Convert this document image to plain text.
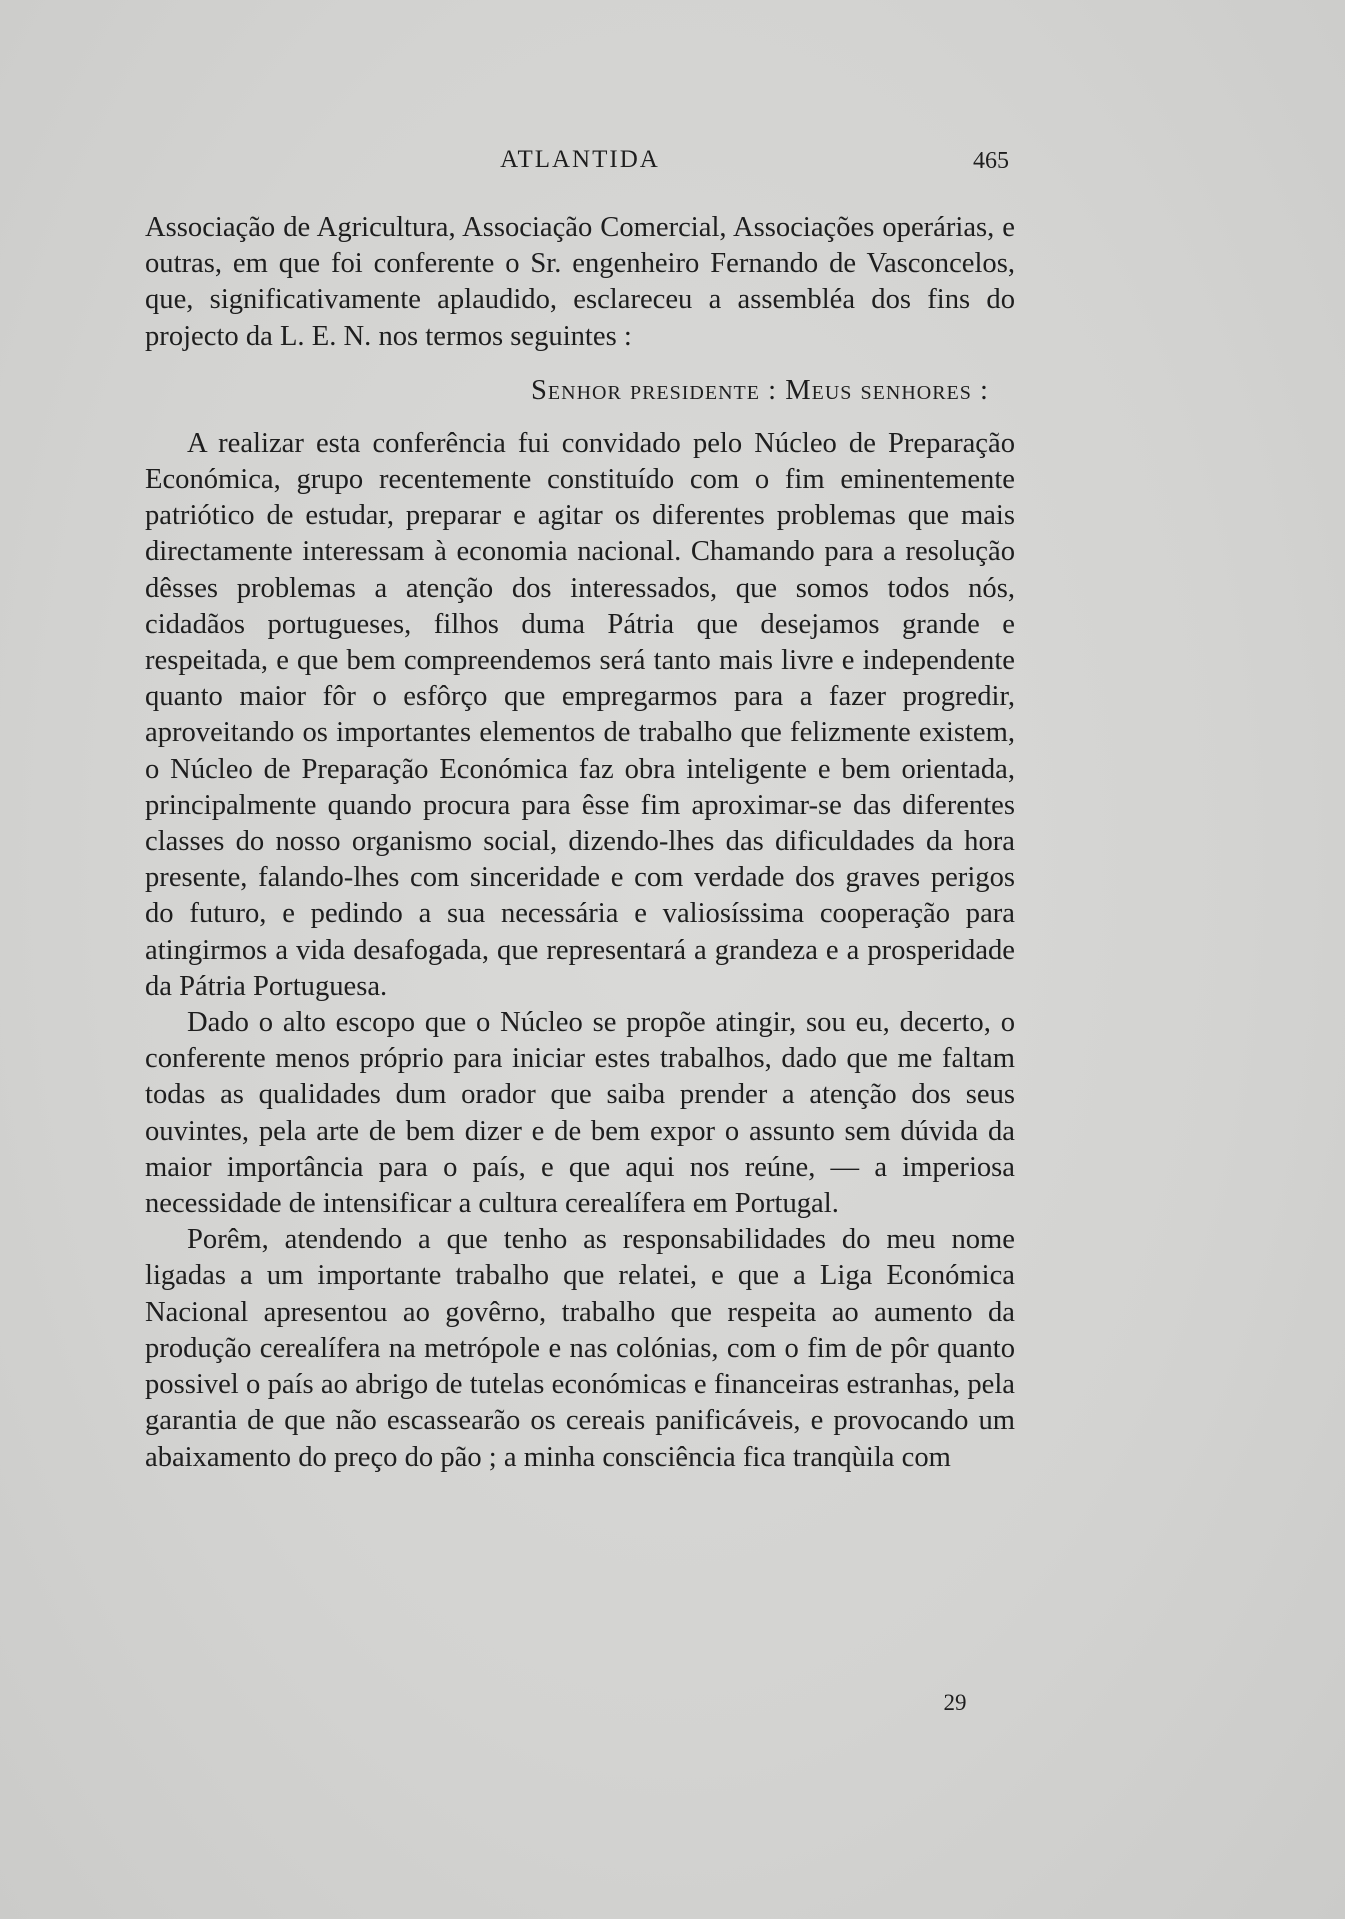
ATLANTIDA	465

Associação de Agricultura, Associação Comercial, Associações operárias, e outras, em que foi conferente o Sr. engenheiro Fernando de Vasconcelos, que, significativamente aplaudido, esclareceu a assembléa dos fins do projecto da L. E. N. nos termos seguintes :

Senhor presidente : Meus senhores :

A realizar esta conferência fui convidado pelo Núcleo de Preparação Económica, grupo recentemente constituído com o fim eminentemente patriótico de estudar, preparar e agitar os diferentes problemas que mais directamente interessam à economia nacional. Chamando para a resolução dêsses problemas a atenção dos interessados, que somos todos nós, cidadãos portugueses, filhos duma Pátria que desejamos grande e respeitada, e que bem compreendemos será tanto mais livre e independente quanto maior fôr o esfôrço que empregarmos para a fazer progredir, aproveitando os importantes elementos de trabalho que felizmente existem, o Núcleo de Preparação Económica faz obra inteligente e bem orientada, principalmente quando procura para êsse fim aproximar-se das diferentes classes do nosso organismo social, dizendo-lhes das dificuldades da hora presente, falando-lhes com sinceridade e com verdade dos graves perigos do futuro, e pedindo a sua necessária e valiosíssima cooperação para atingirmos a vida desafogada, que representará a grandeza e a prosperidade da Pátria Portuguesa.

Dado o alto escopo que o Núcleo se propõe atingir, sou eu, decerto, o conferente menos próprio para iniciar estes trabalhos, dado que me faltam todas as qualidades dum orador que saiba prender a atenção dos seus ouvintes, pela arte de bem dizer e de bem expor o assunto sem dúvida da maior importância para o país, e que aqui nos reúne, — a imperiosa necessidade de intensificar a cultura cerealífera em Portugal.

Porêm, atendendo a que tenho as responsabilidades do meu nome ligadas a um importante trabalho que relatei, e que a Liga Económica Nacional apresentou ao govêrno, trabalho que respeita ao aumento da produção cerealífera na metrópole e nas colónias, com o fim de pôr quanto possivel o país ao abrigo de tutelas económicas e financeiras estranhas, pela garantia de que não escassearão os cereais panificáveis, e provocando um abaixamento do preço do pão ; a minha consciência fica tranqùila com

29
